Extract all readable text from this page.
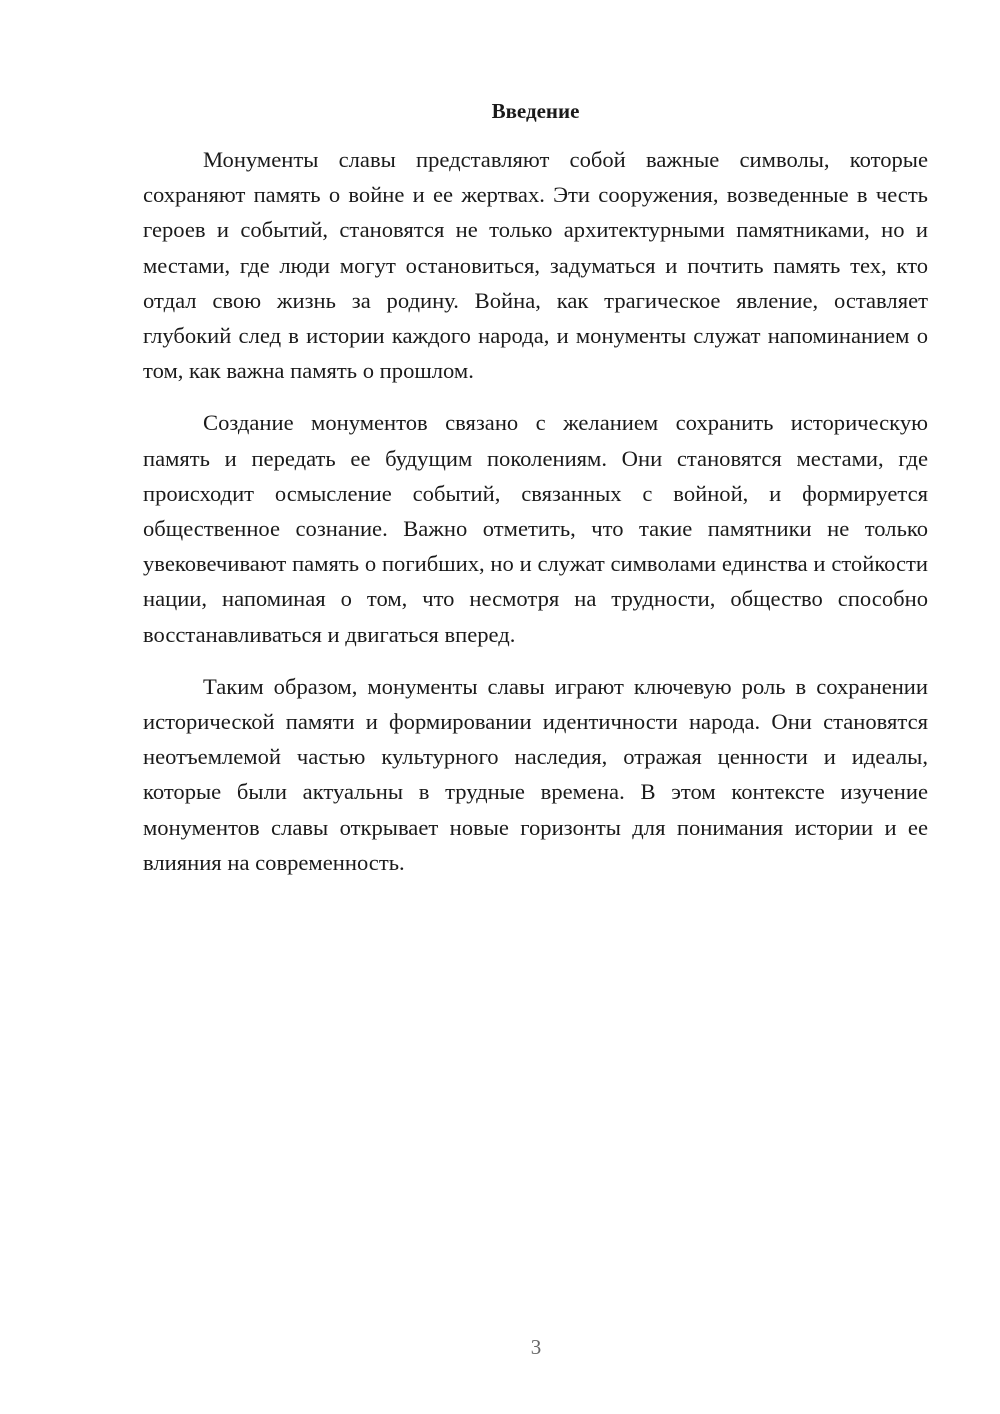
Введение

Монументы славы представляют собой важные символы, которые сохраняют память о войне и ее жертвах. Эти сооружения, возведенные в честь героев и событий, становятся не только архитектурными памятниками, но и местами, где люди могут остановиться, задуматься и почтить память тех, кто отдал свою жизнь за родину. Война, как трагическое явление, оставляет глубокий след в истории каждого народа, и монументы служат напоминанием о том, как важна память о прошлом.

Создание монументов связано с желанием сохранить историческую память и передать ее будущим поколениям. Они становятся местами, где происходит осмысление событий, связанных с войной, и формируется общественное сознание. Важно отметить, что такие памятники не только увековечивают память о погибших, но и служат символами единства и стойкости нации, напоминая о том, что несмотря на трудности, общество способно восстанавливаться и двигаться вперед.

Таким образом, монументы славы играют ключевую роль в сохранении исторической памяти и формировании идентичности народа. Они становятся неотъемлемой частью культурного наследия, отражая ценности и идеалы, которые были актуальны в трудные времена. В этом контексте изучение монументов славы открывает новые горизонты для понимания истории и ее влияния на современность.

3
